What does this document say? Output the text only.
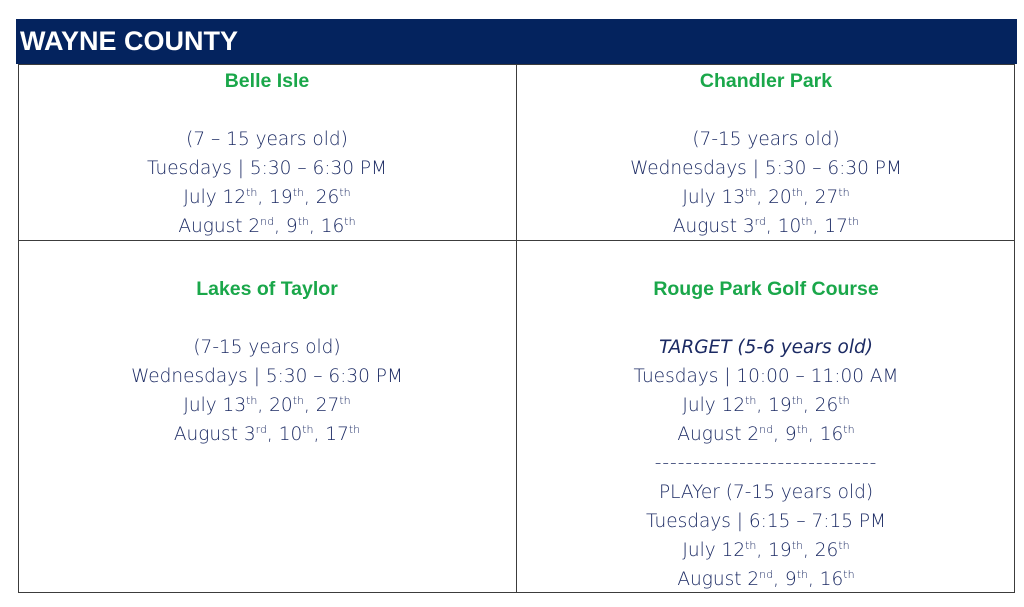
WAYNE COUNTY
Belle Isle
(7 – 15 years old)
Tuesdays | 5:30 – 6:30 PM
July 12th, 19th, 26th
August 2nd, 9th, 16th
Chandler Park
(7-15 years old)
Wednesdays | 5:30 – 6:30 PM
July 13th, 20th, 27th
August 3rd, 10th, 17th
Lakes of Taylor
(7-15 years old)
Wednesdays | 5:30 – 6:30 PM
July 13th, 20th, 27th
August 3rd, 10th, 17th
Rouge Park Golf Course
TARGET (5-6 years old)
Tuesdays | 10:00 – 11:00 AM
July 12th, 19th, 26th
August 2nd, 9th, 16th
-----------------------------
PLAYer (7-15 years old)
Tuesdays | 6:15 – 7:15 PM
July 12th, 19th, 26th
August 2nd, 9th, 16th
